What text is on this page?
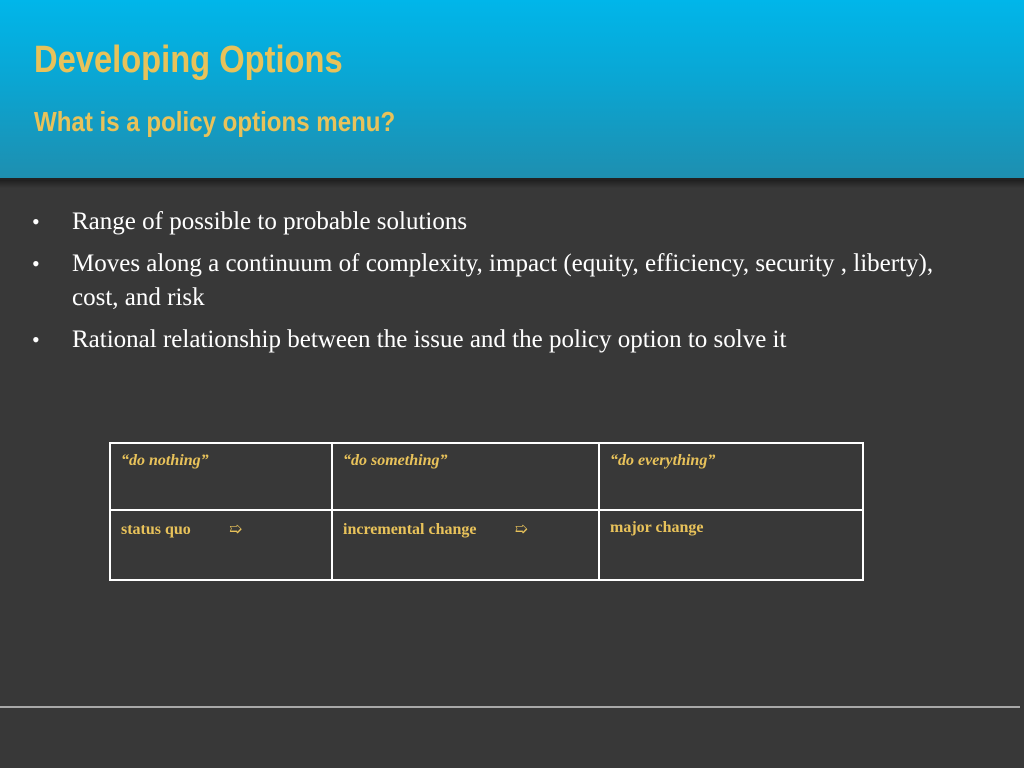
Developing Options
What is a policy options menu?
• Range of possible to probable solutions
• Moves along a continuum of complexity, impact (equity, efficiency, security , liberty), cost, and risk
• Rational relationship between the issue and the policy option to solve it
“do nothing”	“do something”	“do everything”
status quo ➯	incremental change ➯	major change
